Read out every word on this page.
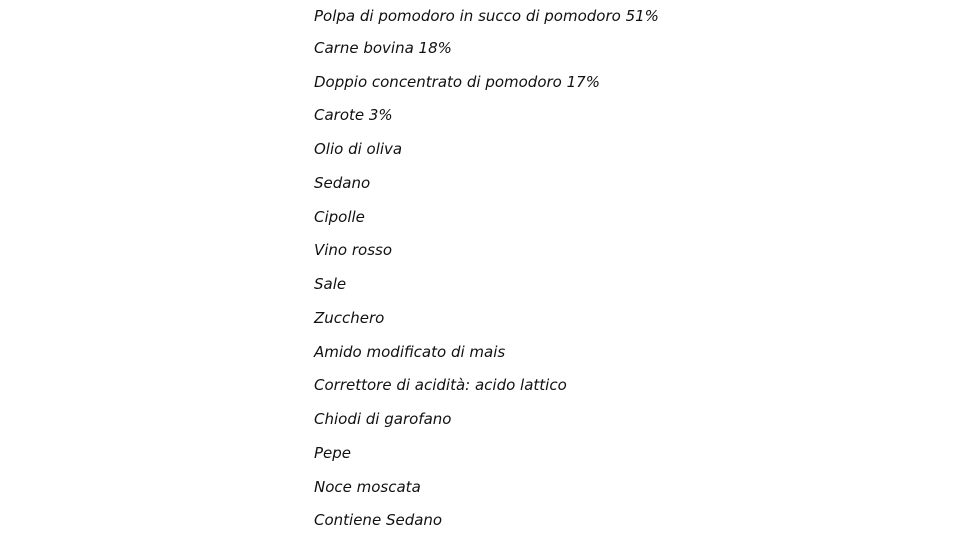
Polpa di pomodoro in succo di pomodoro 51%
Carne bovina 18%
Doppio concentrato di pomodoro 17%
Carote 3%
Olio di oliva
Sedano
Cipolle
Vino rosso
Sale
Zucchero
Amido modificato di mais
Correttore di acidità: acido lattico
Chiodi di garofano
Pepe
Noce moscata
Contiene Sedano
